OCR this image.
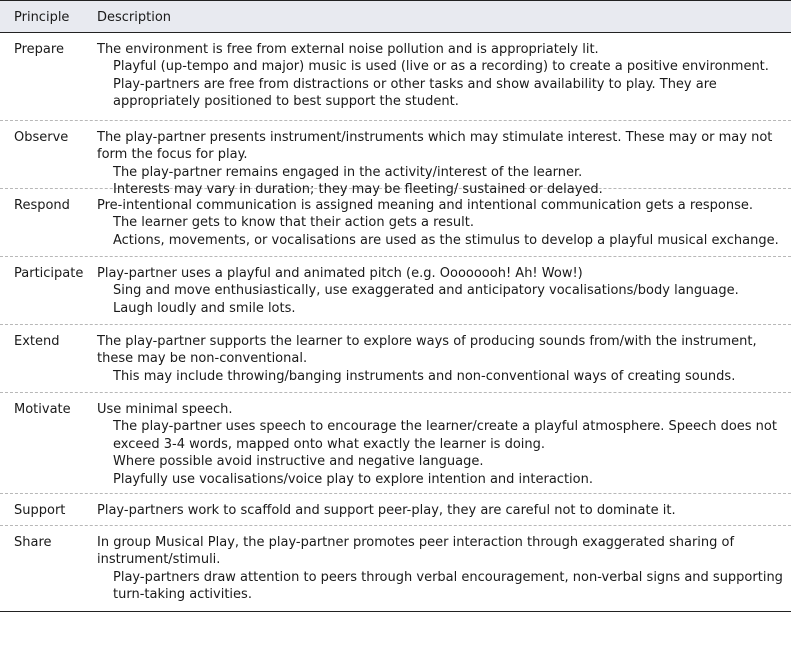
Principle Description
Prepare	The environment is free from external noise pollution and is appropriately lit.
Playful (up-tempo and major) music is used (live or as a recording) to create a positive environment.
Play-partners are free from distractions or other tasks and show availability to play. They are appropriately positioned to best support the student.
Observe The play-partner presents instrument/instruments which may stimulate interest. These may or may not form the focus for play.
The play-partner remains engaged in the activity/interest of the learner.
Interests may vary in duration; they may be fleeting/ sustained or delayed.
Respond Pre-intentional communication is assigned meaning and intentional communication gets a response.
The learner gets to know that their action gets a result.
Actions, movements, or vocalisations are used as the stimulus to develop a playful musical exchange.
Participate Play-partner uses a playful and animated pitch (e.g. Oooooooh! Ah! Wow!)
Sing and move enthusiastically, use exaggerated and anticipatory vocalisations/body language.
Laugh loudly and smile lots.
Extend	The play-partner supports the learner to explore ways of producing sounds from/with the instrument, these may be non-conventional.
This may include throwing/banging instruments and non-conventional ways of creating sounds.
Motivate Use minimal speech.
The play-partner uses speech to encourage the learner/create a playful atmosphere. Speech does not exceed 3-4 words, mapped onto what exactly the learner is doing.
Where possible avoid instructive and negative language.
Playfully use vocalisations/voice play to explore intention and interaction.
Support Play-partners work to scaffold and support peer-play, they are careful not to dominate it.
Share	In group Musical Play, the play-partner promotes peer interaction through exaggerated sharing of instrument/stimuli.
Play-partners draw attention to peers through verbal encouragement, non-verbal signs and supporting turn-taking activities.
